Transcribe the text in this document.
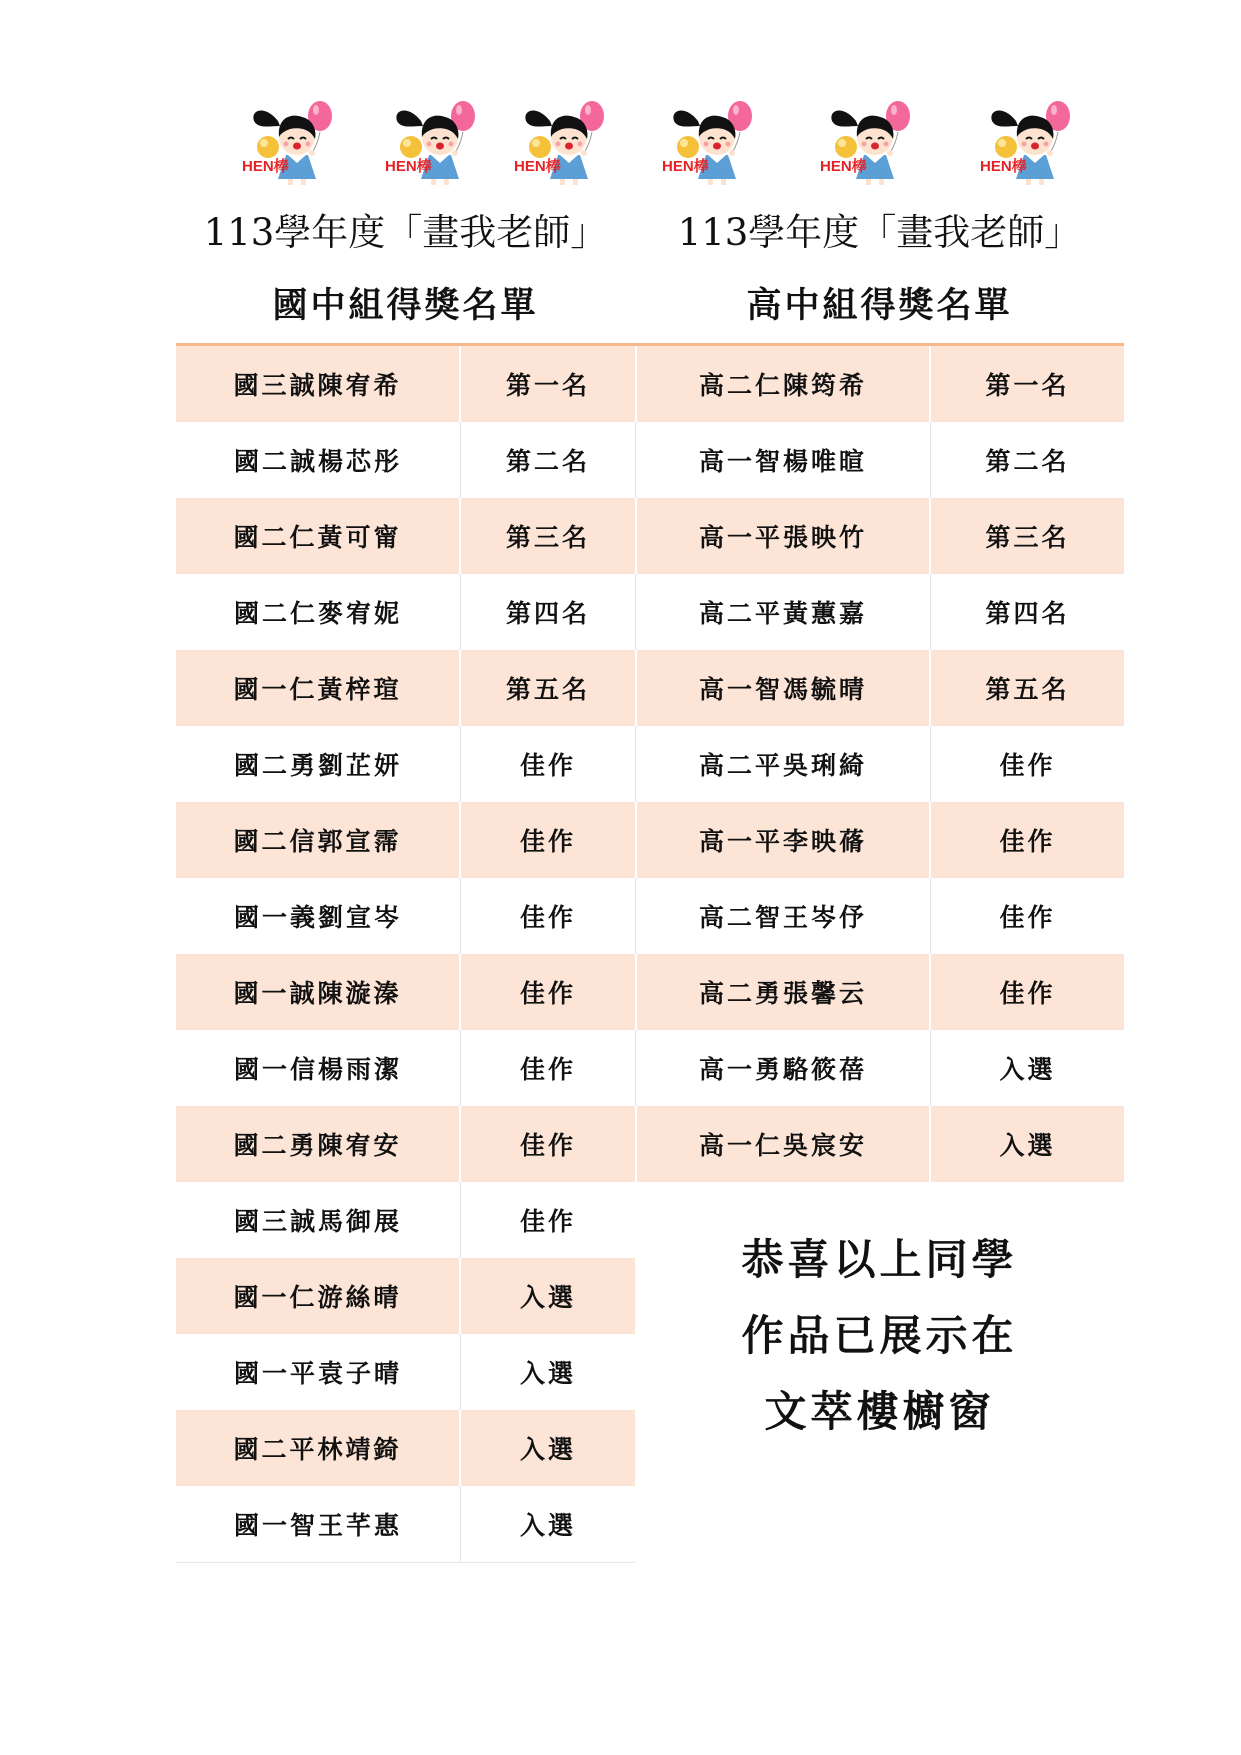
HEN棒	HEN棒	HEN棒	HEN棒	HEN棒	HEN棒
113學年度「畫我老師」
國中組得獎名單
113學年度「畫我老師」
高中組得獎名單
國三誠陳宥希	第一名
國二誠楊芯彤	第二名
國二仁黃可甯	第三名
國二仁麥宥妮	第四名
國一仁黃梓瑄	第五名
國二勇劉芷妍	佳作
國二信郭宣霈	佳作
國一義劉宣岑	佳作
國一誠陳漩溱	佳作
國一信楊雨潔	佳作
國二勇陳宥安	佳作
國三誠馬御展	佳作
國一仁游絲晴	入選
國一平袁子晴	入選
國二平林靖錡	入選
國一智王芊惠	入選
高二仁陳筠希	第一名
高一智楊唯暄	第二名
高一平張映竹	第三名
高二平黃蕙嘉	第四名
高一智馮毓晴	第五名
高二平吳琍綺	佳作
高一平李映蓨	佳作
高二智王岑伃	佳作
高二勇張馨云	佳作
高一勇駱筱蓓	入選
高一仁吳宸安	入選
恭喜以上同學
作品已展示在
文萃樓櫥窗
